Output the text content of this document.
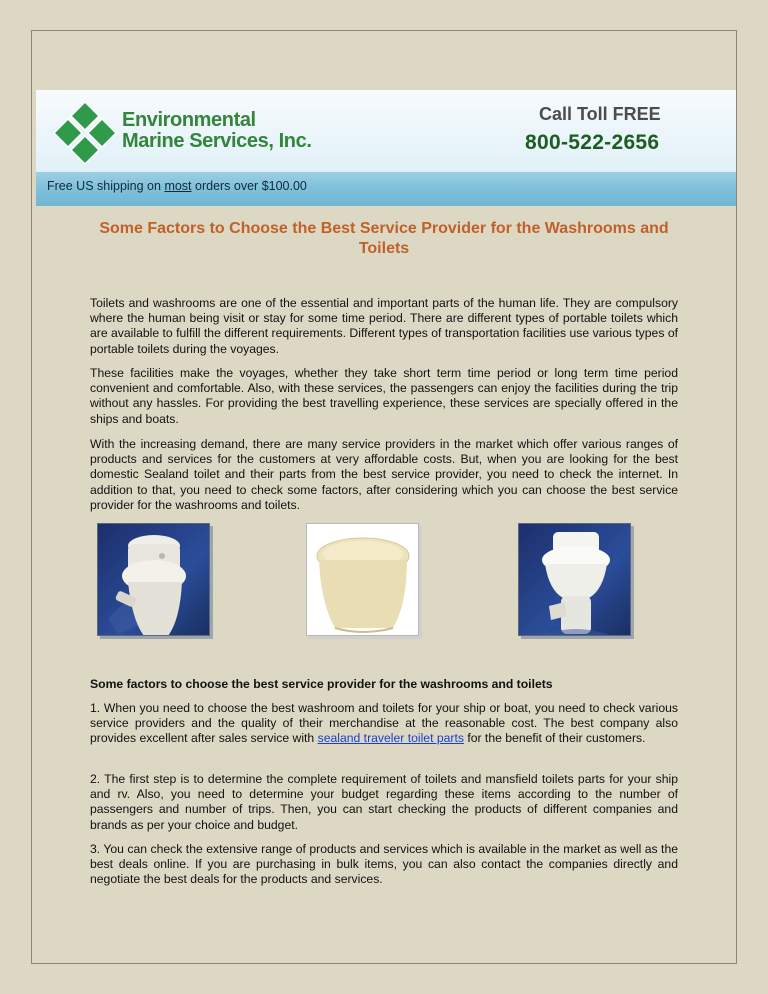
Environmental
Marine Services, Inc.
Call Toll FREE
800-522-2656
Free US shipping on most orders over $100.00
Some Factors to Choose the Best Service Provider for the Washrooms and Toilets

Toilets and washrooms are one of the essential and important parts of the human life. They are compulsory where the human being visit or stay for some time period. There are different types of portable toilets which are available to fulfill the different requirements. Different types of transportation facilities use various types of portable toilets during the voyages.

These facilities make the voyages, whether they take short term time period or long term time period convenient and comfortable. Also, with these services, the passengers can enjoy the facilities during the trip without any hassles. For providing the best travelling experience, these services are specially offered in the ships and boats.

With the increasing demand, there are many service providers in the market which offer various ranges of products and services for the customers at very affordable costs. But, when you are looking for the best domestic Sealand toilet and their parts from the best service provider, you need to check the internet. In addition to that, you need to check some factors, after considering which you can choose the best service provider for the washrooms and toilets.

Some factors to choose the best service provider for the washrooms and toilets

1. When you need to choose the best washroom and toilets for your ship or boat, you need to check various service providers and the quality of their merchandise at the reasonable cost. The best company also provides excellent after sales service with sealand traveler toilet parts for the benefit of their customers.

2. The first step is to determine the complete requirement of toilets and mansfield toilets parts for your ship and rv. Also, you need to determine your budget regarding these items according to the number of passengers and number of trips. Then, you can start checking the products of different companies and brands as per your choice and budget.

3. You can check the extensive range of products and services which is available in the market as well as the best deals online. If you are purchasing in bulk items, you can also contact the companies directly and negotiate the best deals for the products and services.
